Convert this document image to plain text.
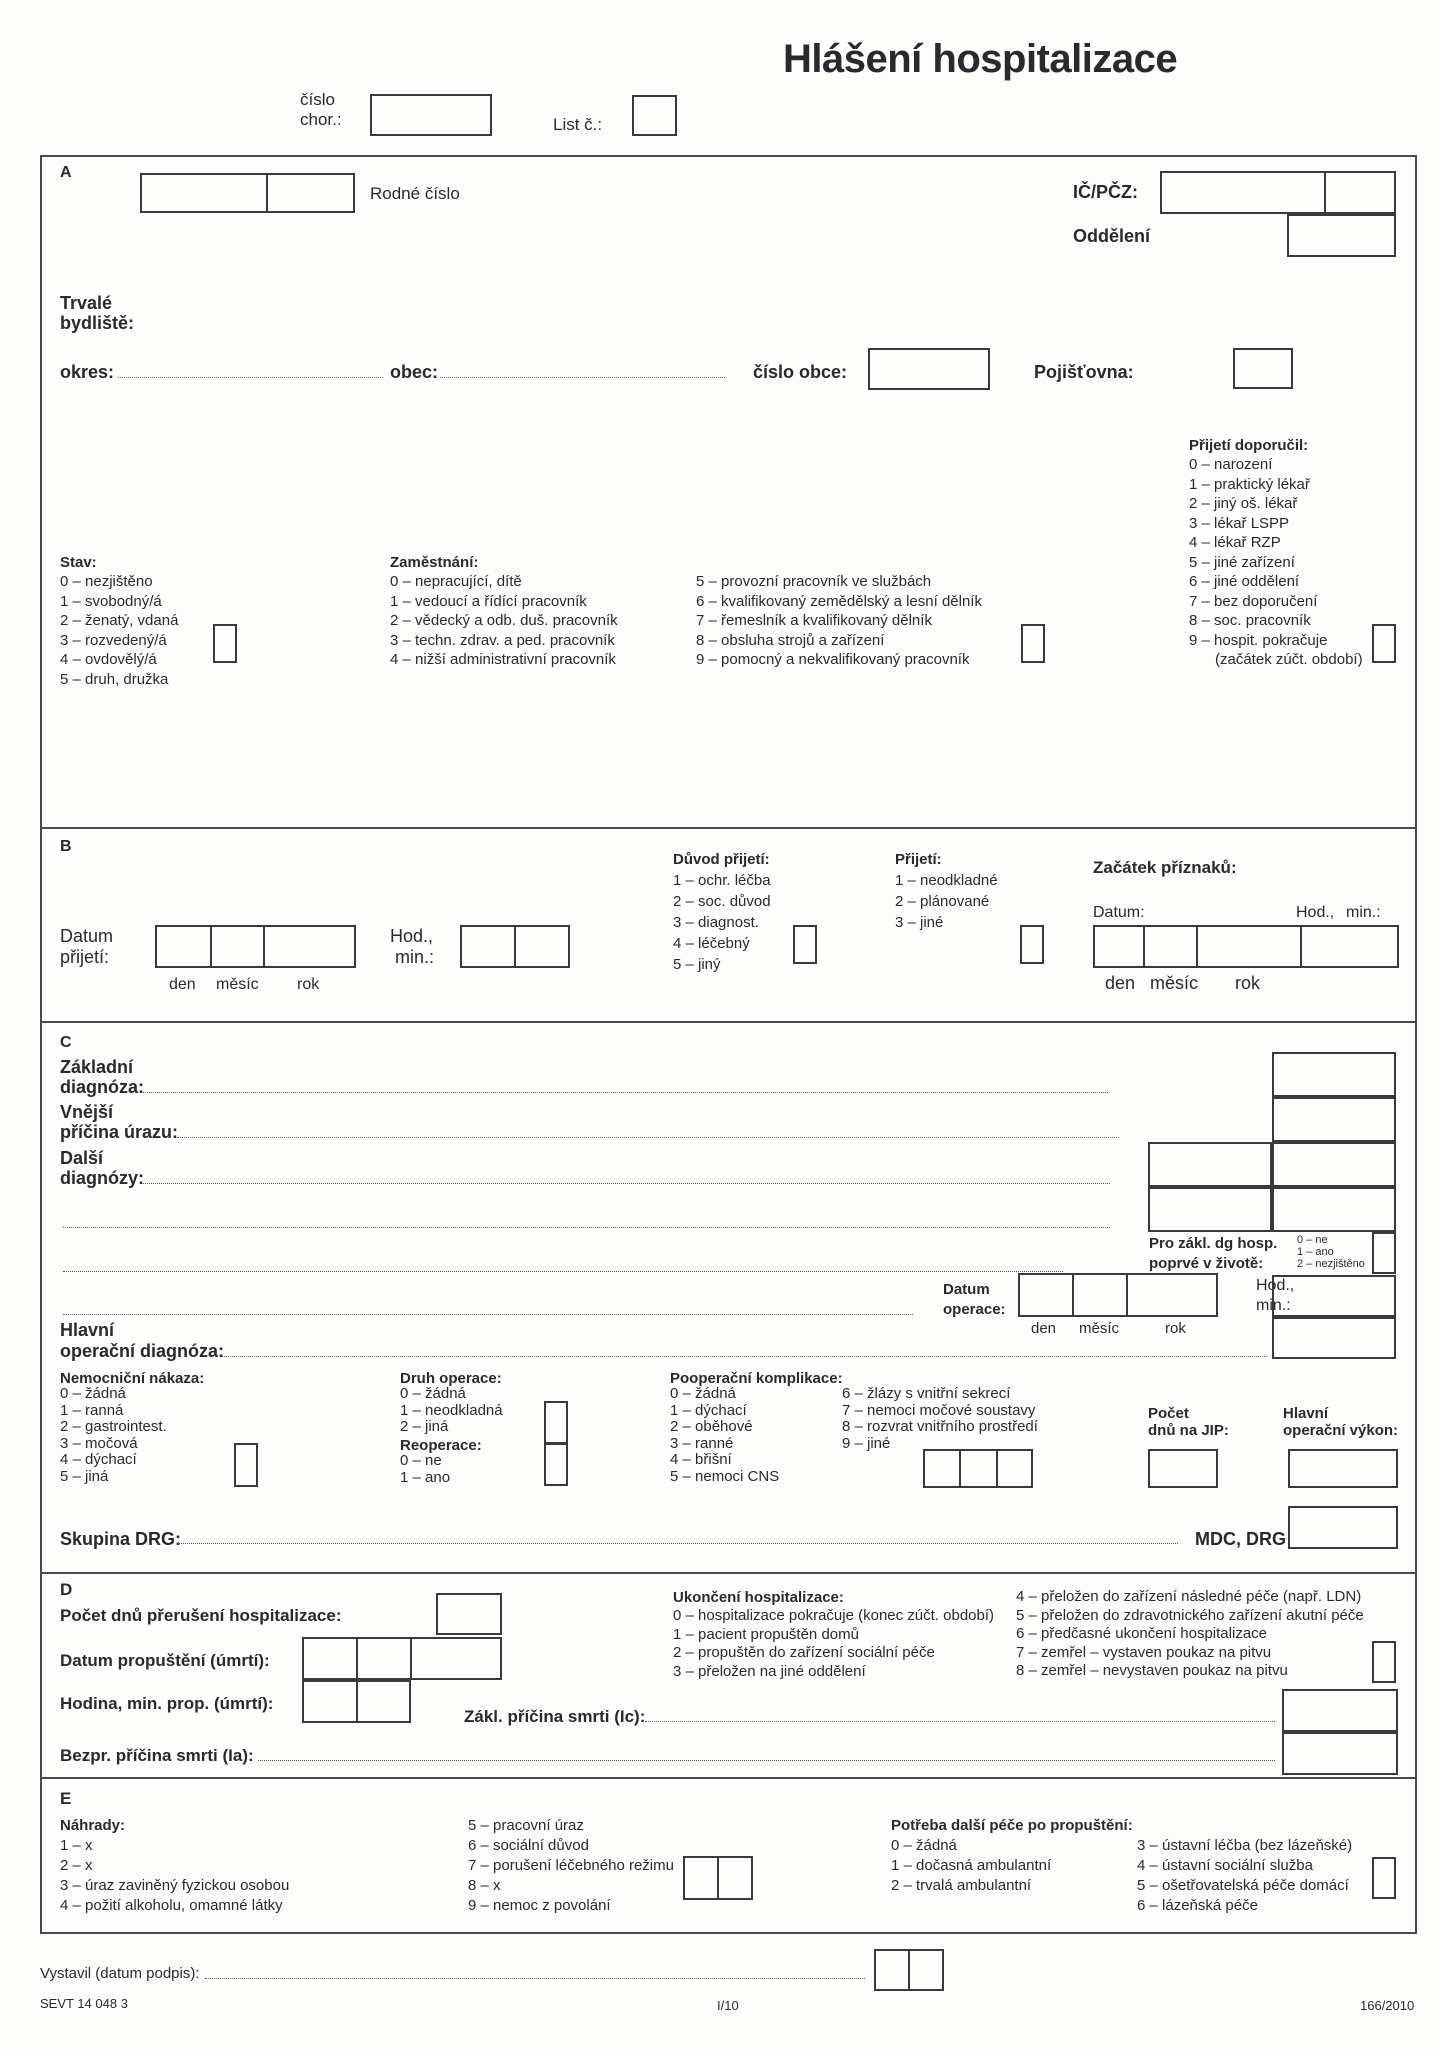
číslo
chor.:	List č.:
Hlášení hospitalizace
A
Rodné číslo	IČ/PČZ:
Oddělení
Trvalé
bydliště:
okres:	obec:	číslo obce:	Pojišťovna:
Stav:
0 – nezjištěno
1 – svobodný/á
2 – ženatý, vdaná
3 – rozvedený/á
4 – ovdovělý/á
5 – druh, družka
Zaměstnání:
0 – nepracující, dítě
1 – vedoucí a řídící pracovník
2 – vědecký a odb. duš. pracovník
3 – techn. zdrav. a ped. pracovník
4 – nižší administrativní pracovník
5 – provozní pracovník ve službách
6 – kvalifikovaný zemědělský a lesní dělník
7 – řemeslník a kvalifikovaný dělník
8 – obsluha strojů a zařízení
9 – pomocný a nekvalifikovaný pracovník
Přijetí doporučil:
0 – narození
1 – praktický lékař
2 – jiný oš. lékař
3 – lékař LSPP
4 – lékař RZP
5 – jiné zařízení
6 – jiné oddělení
7 – bez doporučení
8 – soc. pracovník
9 – hospit. pokračuje
(začátek zúčt. období)
B
Datum
přijetí:
den měsíc rok
Hod.,
min.:
Důvod přijetí:
1 – ochr. léčba
2 – soc. důvod
3 – diagnost.
4 – léčebný
5 – jiný
Přijetí:
1 – neodkladné
2 – plánované
3 – jiné
Začátek příznaků:
Datum:	Hod., min.:
den měsíc rok
C
Základní
diagnóza:
Vnější
příčina úrazu:
Další
diagnózy:
Pro zákl. dg hosp.
poprvé v životě:
0 – ne
1 – ano
2 – nezjištěno
Datum
operace:
den měsíc	rok
Hod.,
min.:
Hlavní
operační diagnóza:
Nemocniční nákaza:
0 – žádná
1 – ranná
2 – gastrointest.
3 – močová
4 – dýchací
5 – jiná
Druh operace:
0 – žádná
1 – neodkladná
2 – jiná
Reoperace:
0 – ne
1 – ano
Pooperační komplikace:
0 – žádná
1 – dýchací
2 – oběhové
3 – ranné
4 – břišní
5 – nemoci CNS
6 – žlázy s vnitřní sekrecí
7 – nemoci močové soustavy
8 – rozvrat vnitřního prostředí
9 – jiné
Počet
dnů na JIP:
Hlavní
operační výkon:
Skupina DRG:	MDC, DRG
D
Počet dnů přerušení hospitalizace:
Datum propuštění (úmrtí):
Hodina, min. prop. (úmrtí):
Zákl. příčina smrti (Ic):
Bezpr. příčina smrti (Ia):
Ukončení hospitalizace:
0 – hospitalizace pokračuje (konec zúčt. období)
1 – pacient propuštěn domů
2 – propuštěn do zařízení sociální péče
3 – přeložen na jiné oddělení
4 – přeložen do zařízení následné péče (např. LDN)
5 – přeložen do zdravotnického zařízení akutní péče
6 – předčasné ukončení hospitalizace
7 – zemřel – vystaven poukaz na pitvu
8 – zemřel – nevystaven poukaz na pitvu
E
Náhrady:
1 – x
2 – x
3 – úraz zaviněný fyzickou osobou
4 – požití alkoholu, omamné látky
5 – pracovní úraz
6 – sociální důvod
7 – porušení léčebného režimu
8 – x
9 – nemoc z povolání
Potřeba další péče po propuštění:
0 – žádná
1 – dočasná ambulantní
2 – trvalá ambulantní
3 – ústavní léčba (bez lázeňské)
4 – ústavní sociální služba
5 – ošetřovatelská péče domácí
6 – lázeňská péče
Vystavil (datum podpis):
SEVT 14 048 3	I/10	166/2010
